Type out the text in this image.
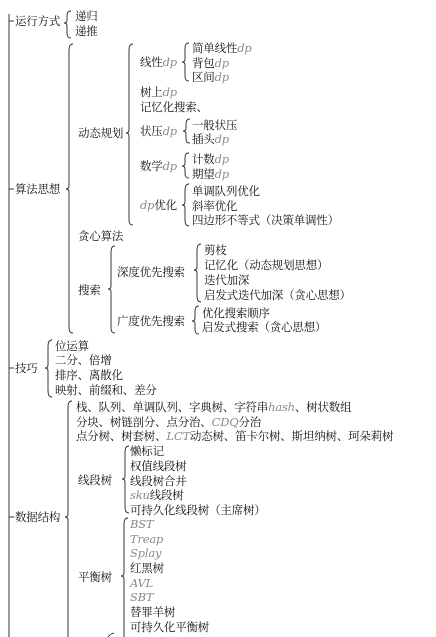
运行方式 递归
递推
算法思想
动态规划
线性dp
简单线性dp
背包dp
区间dp
树上dp
记忆化搜索、
状压dp 一般状压
插头dp
数学dp 计数dp
期望dp
dp优化
单调队列优化
斜率优化
四边形不等式（决策单调性）
贪心算法
搜索
深度优先搜索
剪枝
记忆化（动态规划思想）
迭代加深
启发式迭代加深（贪心思想）
广度优先搜索
优化搜索顺序
启发式搜索（贪心思想）
技巧
位运算
二分、倍增
排序、离散化
映射、前缀和、差分
数据结构
栈、队列、单调队列、字典树、字符串hash、树状数组
分块、树链剖分、点分治、CDQ分治
点分树、树套树、LCT动态树、笛卡尔树、斯坦纳树、珂朵莉树
线段树
懒标记
权值线段树
线段树合并
sku线段树
可持久化线段树（主席树）
平衡树
BST
Treap
Splay
红黑树
AVL
SBT
替罪羊树
可持久化平衡树
